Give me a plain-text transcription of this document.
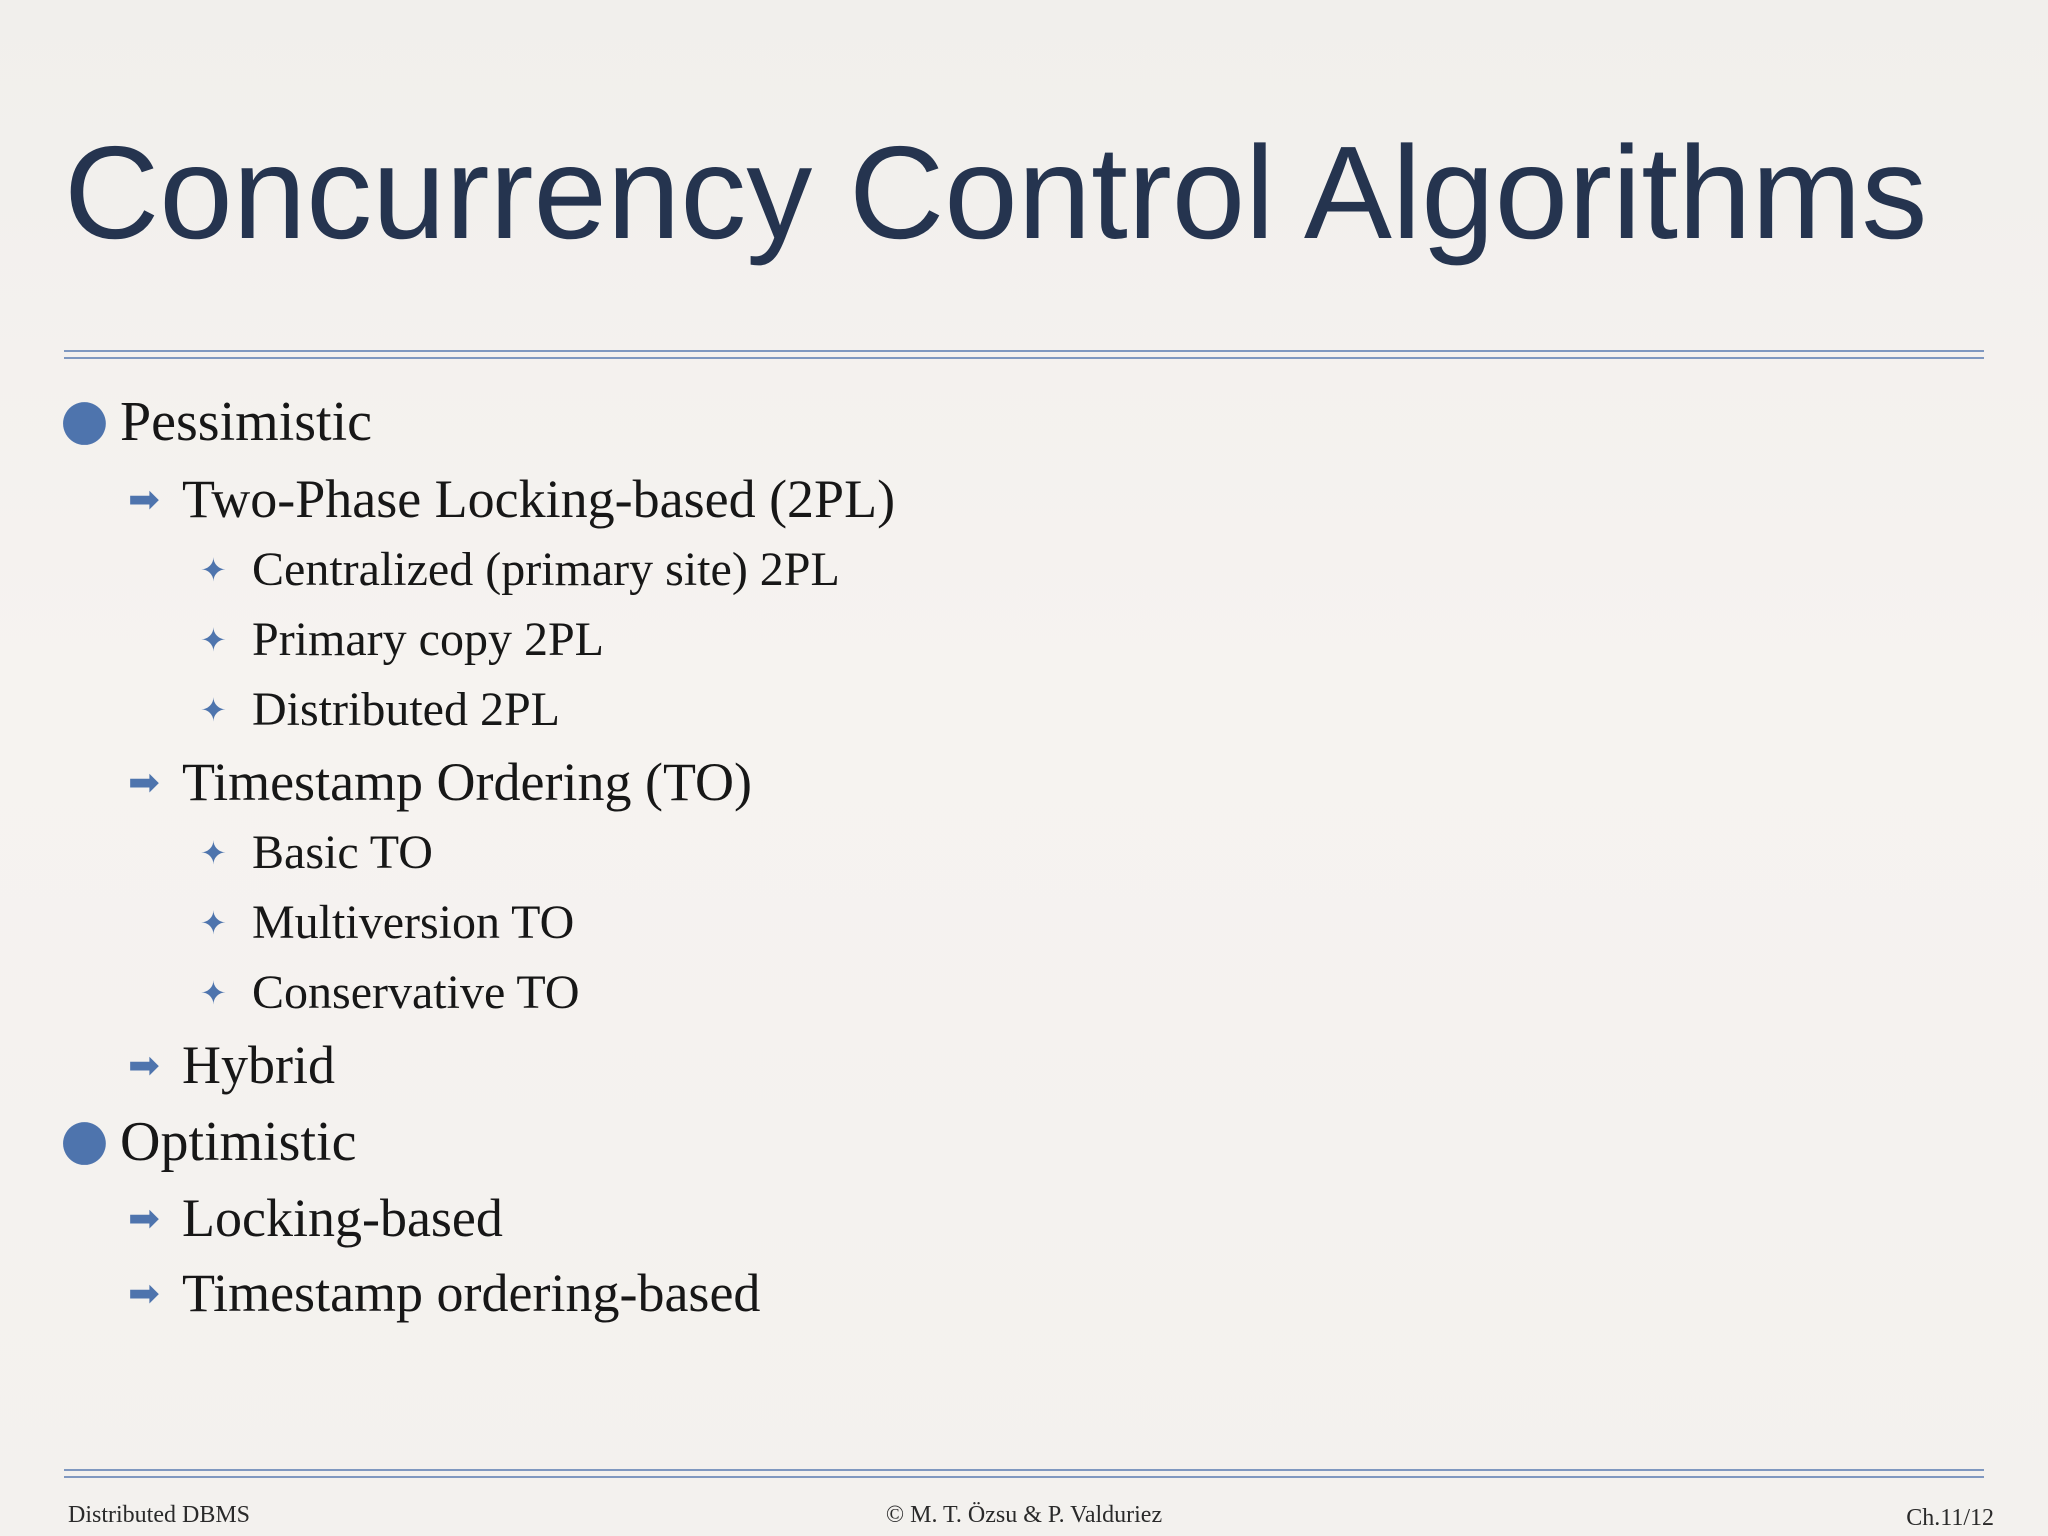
Concurrency Control Algorithms
● Pessimistic
➡ Two-Phase Locking-based (2PL)
✦ Centralized (primary site) 2PL
✦ Primary copy 2PL
✦ Distributed 2PL
➡ Timestamp Ordering (TO)
✦ Basic TO
✦ Multiversion TO
✦ Conservative TO
➡ Hybrid
● Optimistic
➡ Locking-based
➡ Timestamp ordering-based
Distributed DBMS	© M. T. Özsu & P. Valduriez	Ch.11/12
